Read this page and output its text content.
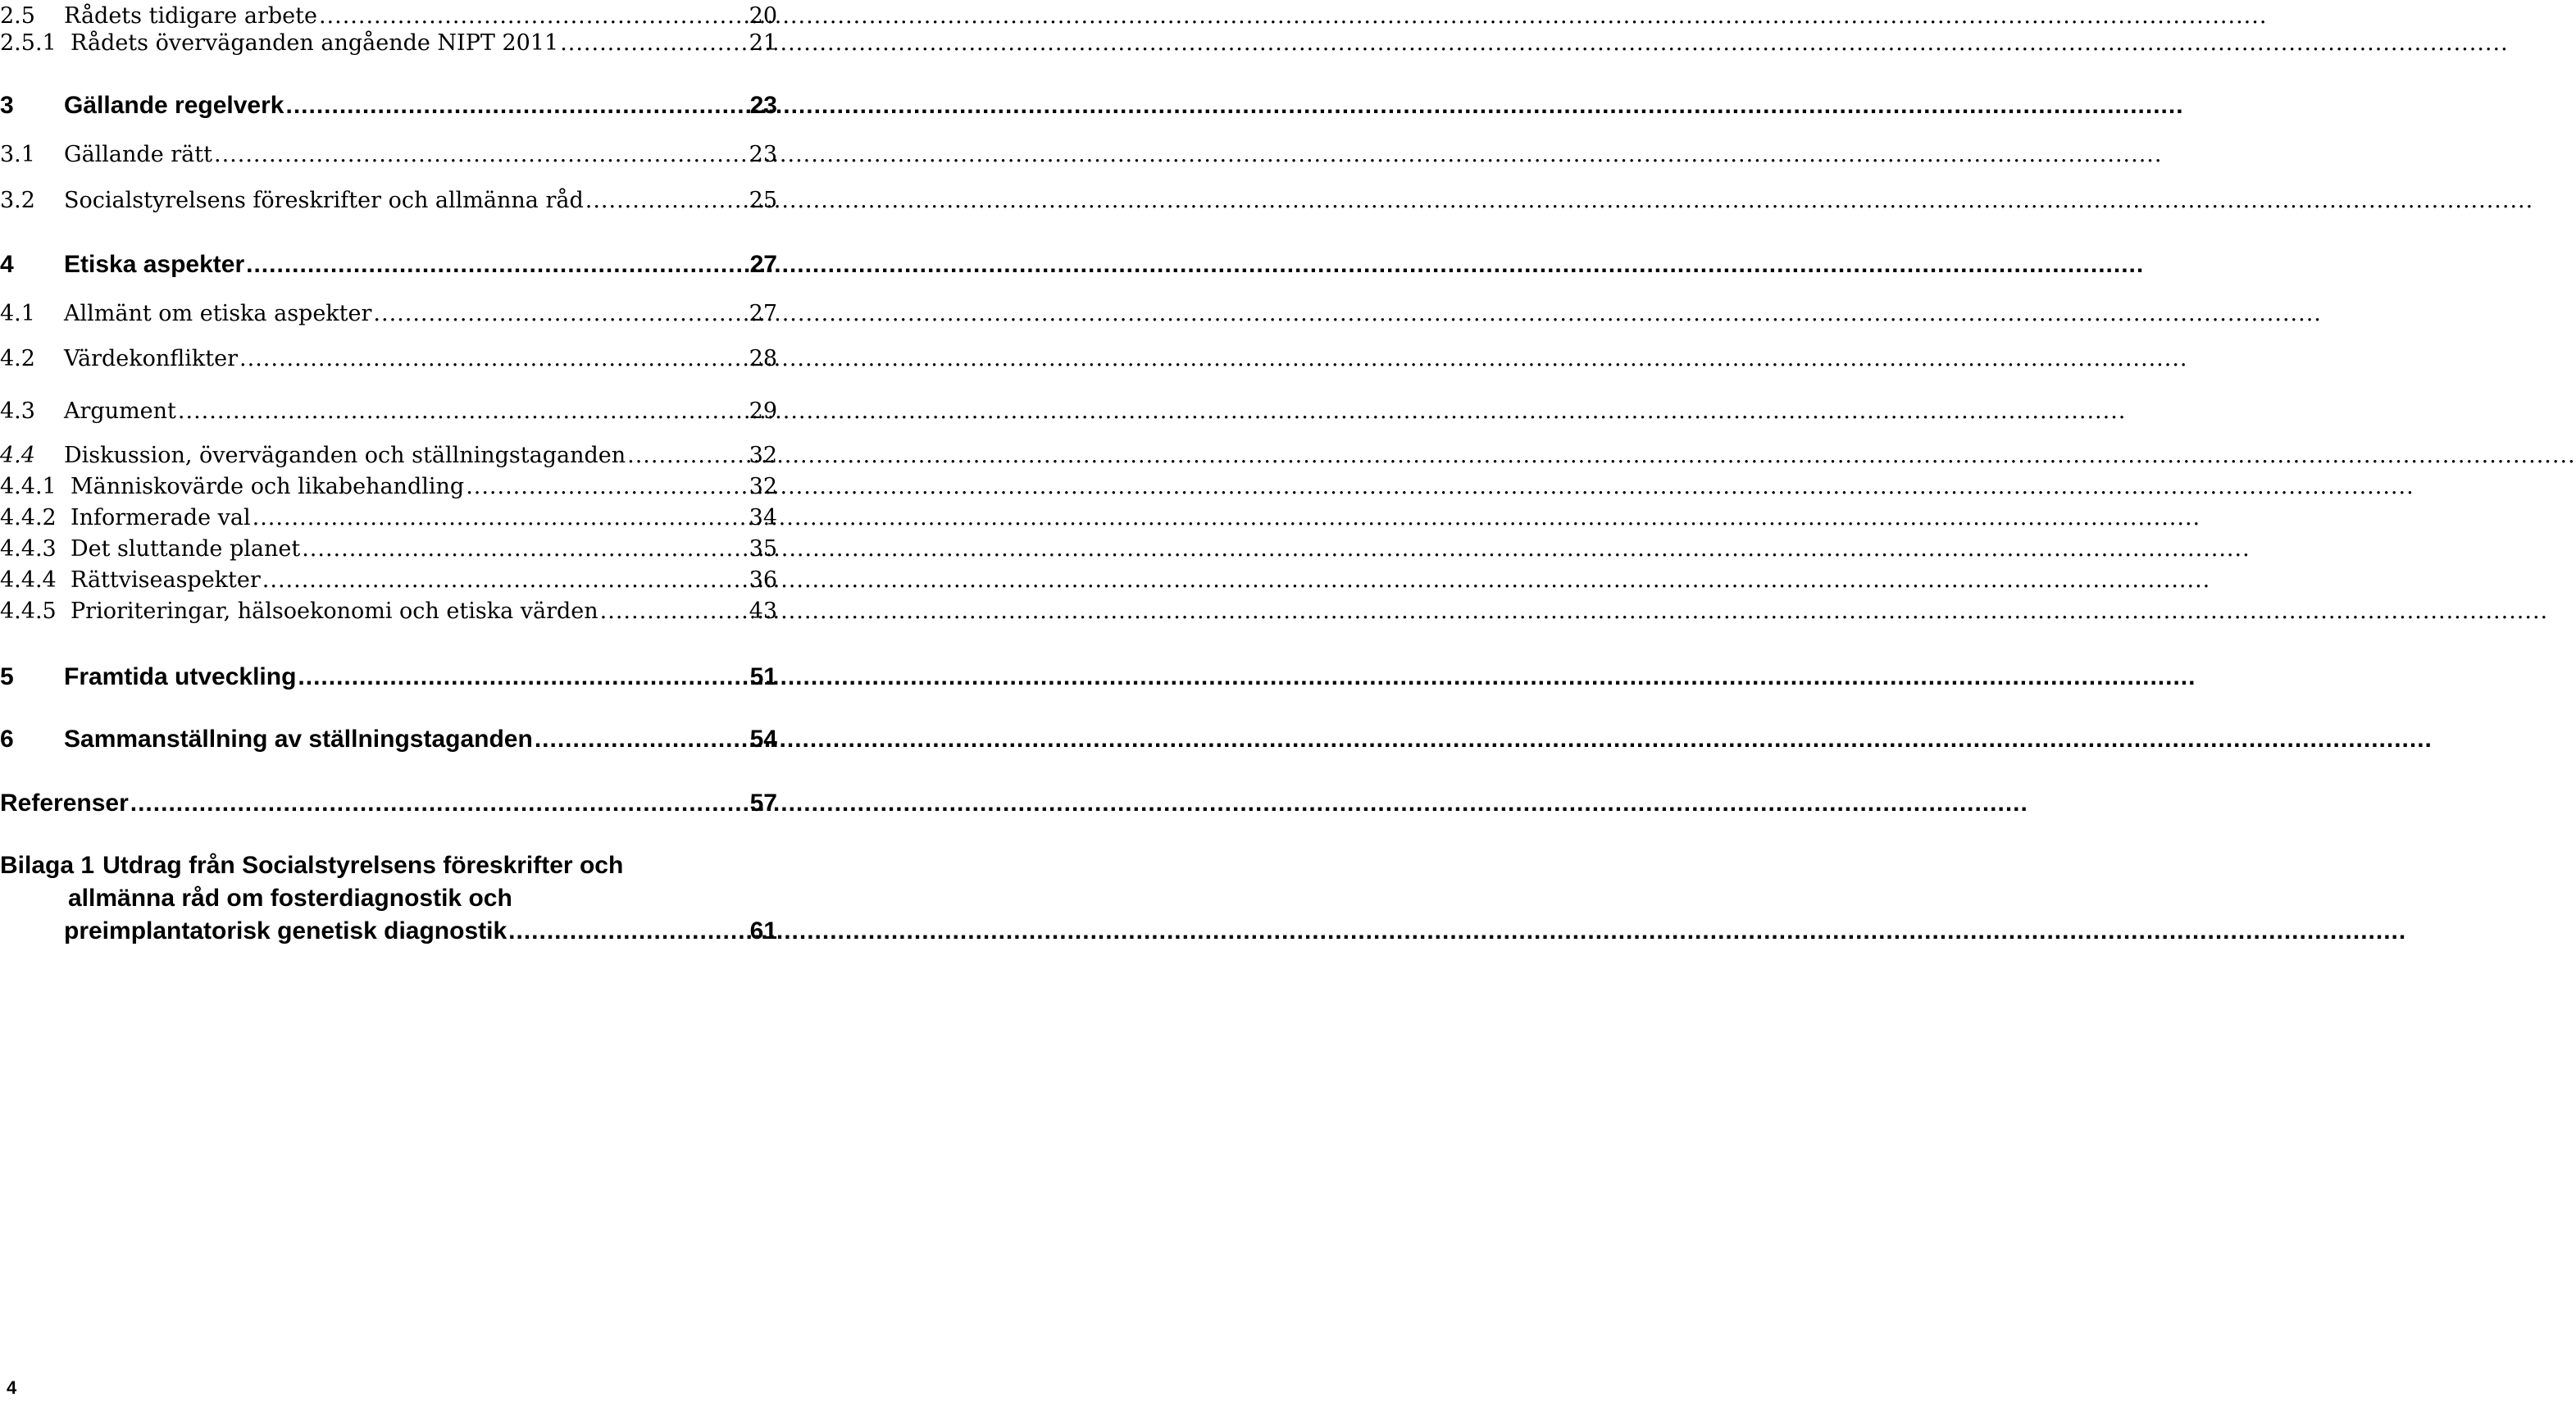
2.5	Rådets tidigare arbete .....	20
2.5.1 Rådets överväganden angående NIPT 2011 .....	21
3	Gällande regelverk .....	23
3.1	Gällande rätt .....	23
3.2	Socialstyrelsens föreskrifter och allmänna råd .....	25
4	Etiska aspekter .....	27
4.1	Allmänt om etiska aspekter .....	27
4.2	Värdekonflikter .....	28
4.3	Argument .....	29
4.4	Diskussion, överväganden och ställningstaganden .....	32
4.4.1 Människovärde och likabehandling .....	32
4.4.2 Informerade val .....	34
4.4.3 Det sluttande planet .....	35
4.4.4 Rättviseaspekter .....	36
4.4.5 Prioriteringar, hälsoekonomi och etiska värden .....	43
5	Framtida utveckling .....	51
6	Sammanställning av ställningstaganden .....	54
Referenser .....	57
Bilaga 1 Utdrag från Socialstyrelsens föreskrifter och
allmänna råd om fosterdiagnostik och
preimplantatorisk genetisk diagnostik .....	61
4
